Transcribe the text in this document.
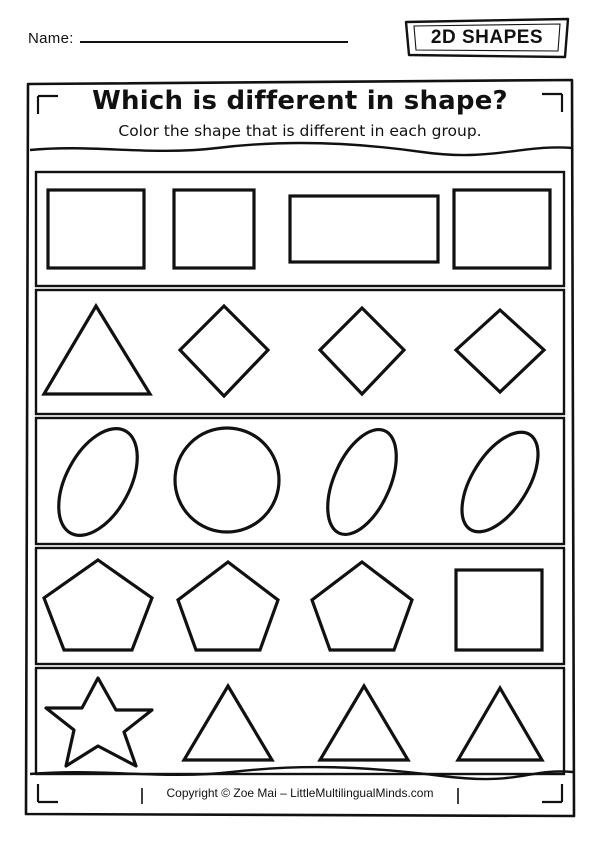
Name:	2D SHAPES
Which is different in shape?
Color the shape that is different in each group.
Copyright © Zoe Mai – LittleMultilingualMinds.com
